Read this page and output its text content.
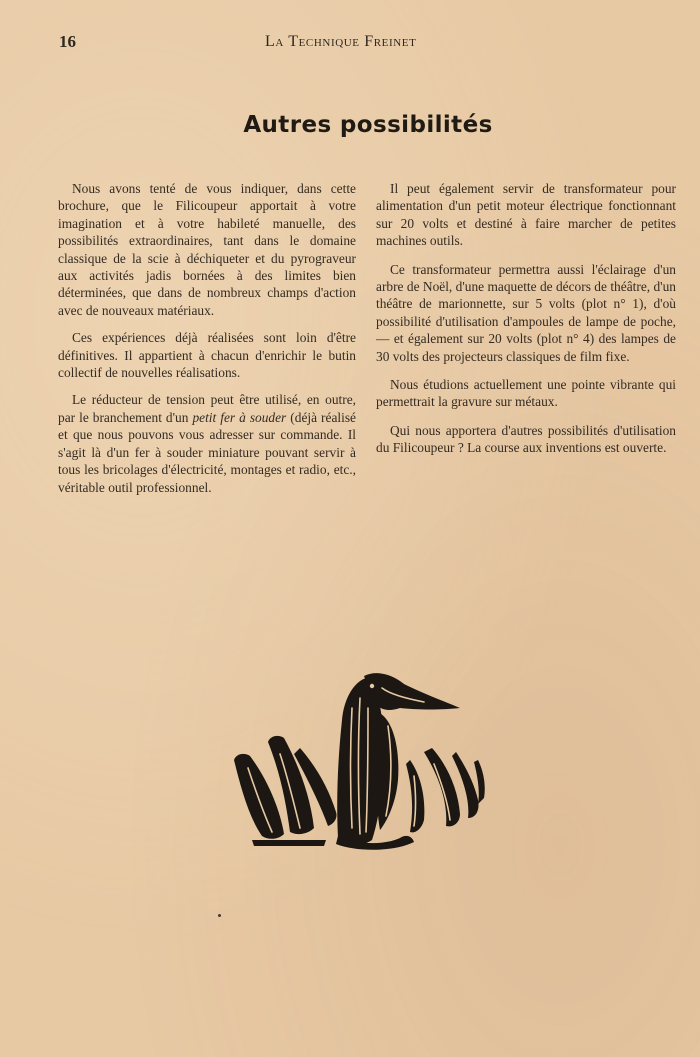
16	La Technique Freinet
Autres possibilités

Nous avons tenté de vous indiquer, dans cette brochure, que le Filicoupeur apportait à votre imagination et à votre habileté manuelle, des possibilités extraordinaires, tant dans le domaine classique de la scie à déchiqueter et du pyrograveur aux activités jadis bornées à des limites bien déterminées, que dans de nombreux champs d'action avec de nouveaux matériaux.

Ces expériences déjà réalisées sont loin d'être définitives. Il appartient à chacun d'enrichir le butin collectif de nouvelles réalisations.

Le réducteur de tension peut être utilisé, en outre, par le branchement d'un petit fer à souder (déjà réalisé et que nous pouvons vous adresser sur commande. Il s'agit là d'un fer à souder miniature pouvant servir à tous les bricolages d'électricité, montages et radio, etc., véritable outil professionnel.

Il peut également servir de transformateur pour alimentation d'un petit moteur électrique fonctionnant sur 20 volts et destiné à faire marcher de petites machines outils.

Ce transformateur permettra aussi l'éclairage d'un arbre de Noël, d'une maquette de décors de théâtre, d'un théâtre de marionnette, sur 5 volts (plot n° 1), d'où possibilité d'utilisation d'ampoules de lampe de poche, — et également sur 20 volts (plot n° 4) des lampes de 30 volts des projecteurs classiques de film fixe.

Nous étudions actuellement une pointe vibrante qui permettrait la gravure sur métaux.

Qui nous apportera d'autres possibilités d'utilisation du Filicoupeur ? La course aux inventions est ouverte.
